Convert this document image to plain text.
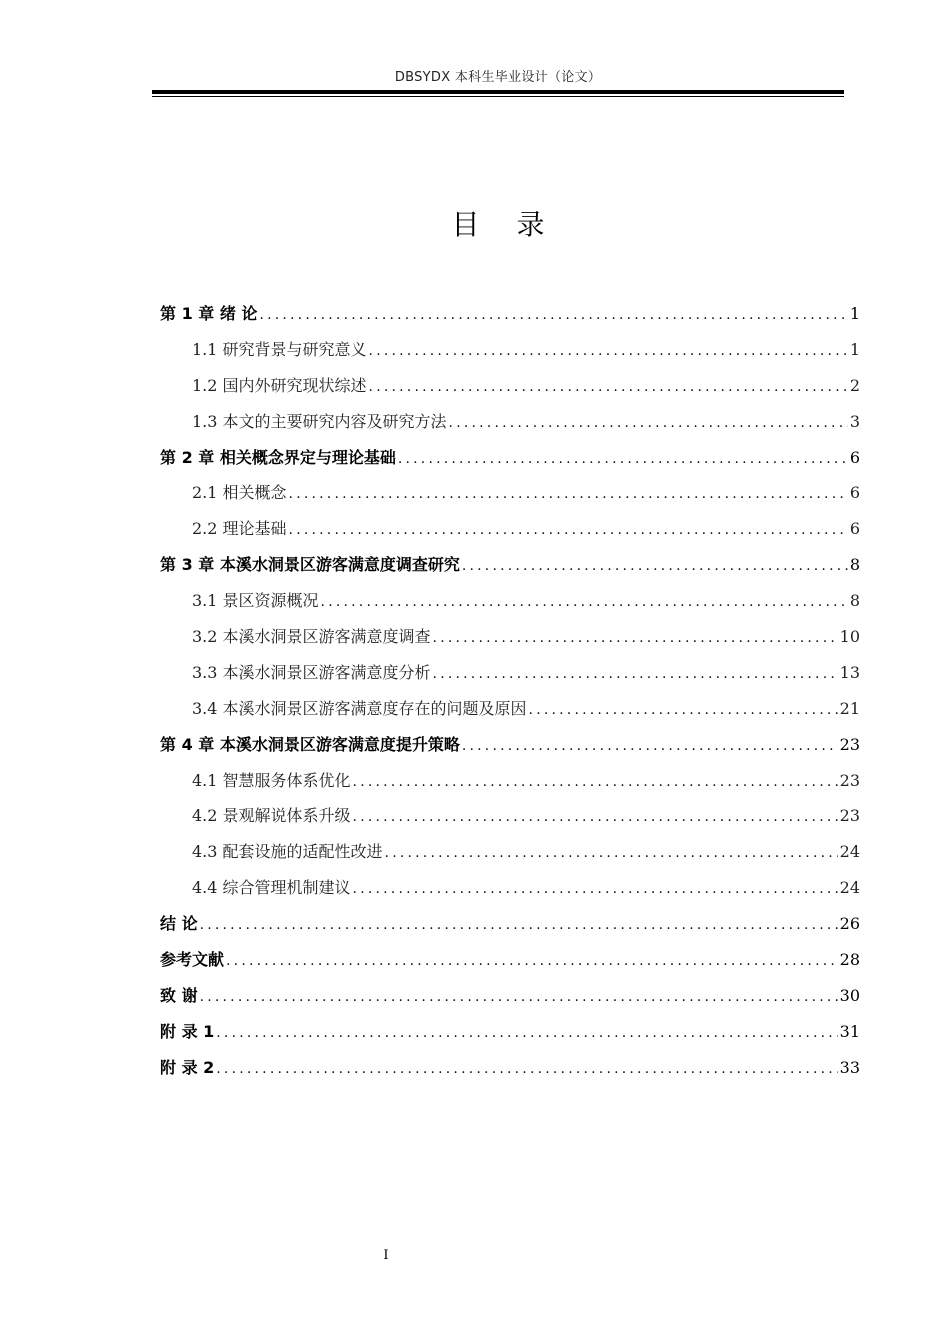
DBSYDX 本科生毕业设计（论文）
目 录
第 1 章 绪 论 .....	1
1.1 研究背景与研究意义 .....	1
1.2 国内外研究现状综述 .....	2
1.3 本文的主要研究内容及研究方法 .....	3
第 2 章 相关概念界定与理论基础 .....	6
2.1 相关概念 .....	6
2.2 理论基础 .....	6
第 3 章 本溪水洞景区游客满意度调查研究 .....	8
3.1 景区资源概况 .....	8
3.2 本溪水洞景区游客满意度调查 .....	10
3.3 本溪水洞景区游客满意度分析 .....	13
3.4 本溪水洞景区游客满意度存在的问题及原因 .....	21
第 4 章 本溪水洞景区游客满意度提升策略 .....	23
4.1 智慧服务体系优化 .....	23
4.2 景观解说体系升级 .....	23
4.3 配套设施的适配性改进 .....	24
4.4 综合管理机制建议 .....	24
结 论 .....	26
参考文献 .....	28
致 谢 .....	30
附 录 1 .....	31
附 录 2 .....	33
I
